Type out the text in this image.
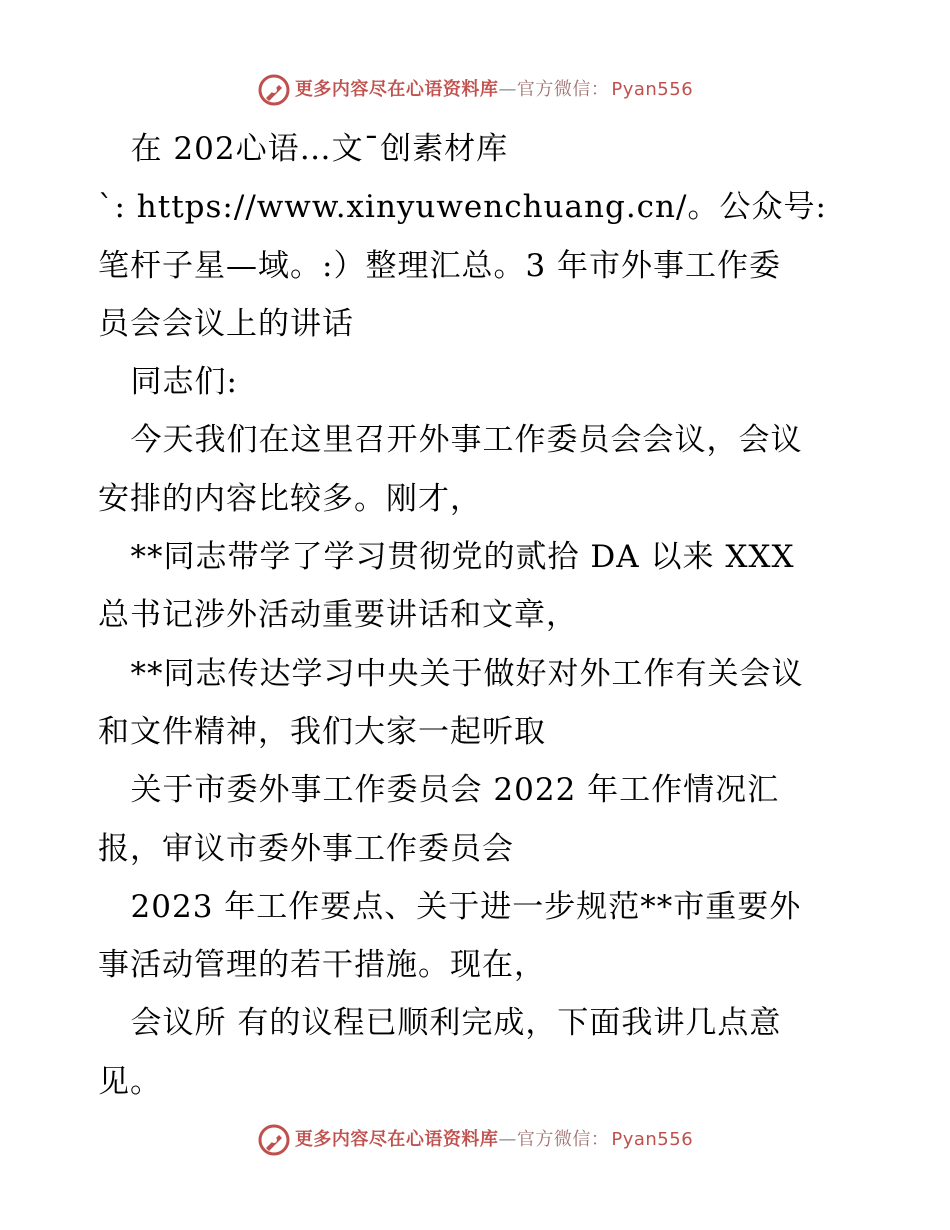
更多内容尽在心语资料库 — 官方微信： Pyan556
在 202心语…文¯创素材库
`: https://www.xinyuwenchuang.cn/。公众号:
笔杆子星—域。:）整理汇总。3 年市外事工作委
员会会议上的讲话
同志们:
今天我们在这里召开外事工作委员会会议，会议
安排的内容比较多。刚才，
**同志带学了学习贯彻党的贰拾 DA 以来 XXX
总书记涉外活动重要讲话和文章，
**同志传达学习中央关于做好对外工作有关会议
和文件精神，我们大家一起听取
关于市委外事工作委员会 2022 年工作情况汇
报，审议市委外事工作委员会
2023 年工作要点、关于进一步规范**市重要外
事活动管理的若干措施。现在，
会议所 有的议程已顺利完成，下面我讲几点意
见。
更多内容尽在心语资料库 — 官方微信： Pyan556
